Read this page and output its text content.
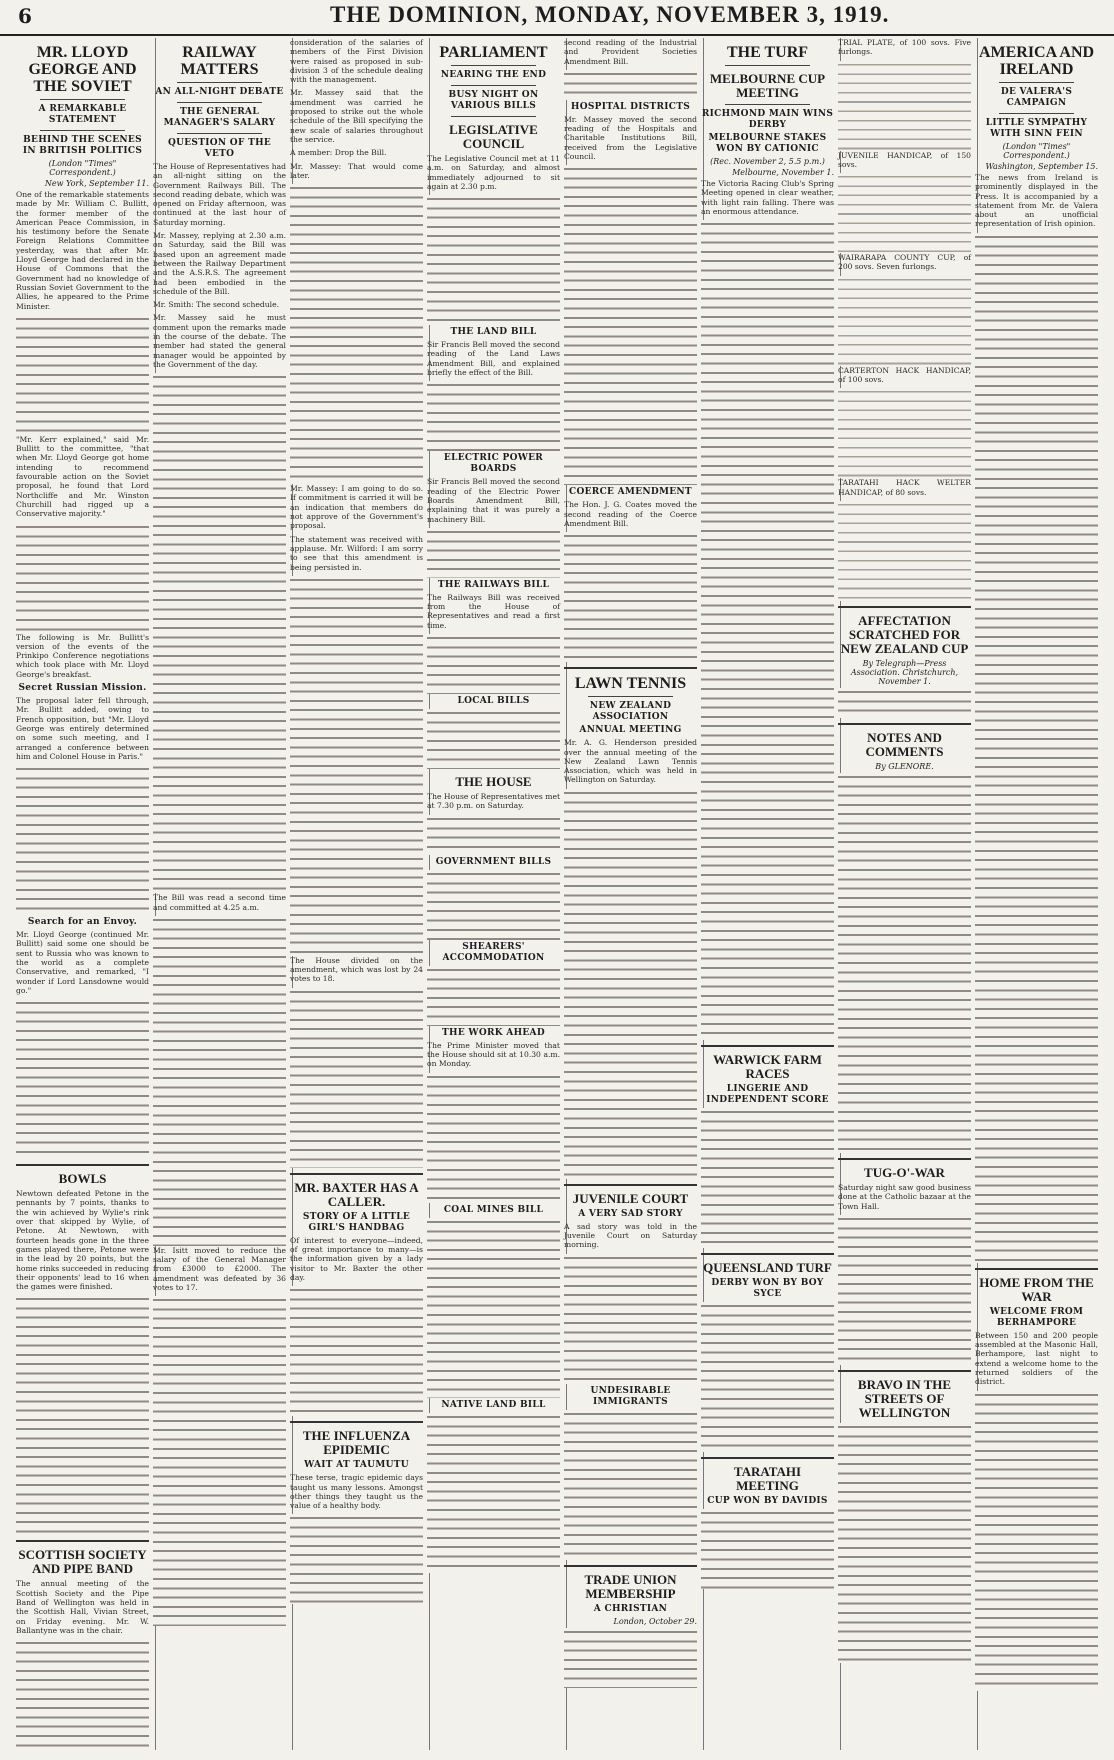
6	THE DOMINION, MONDAY, NOVEMBER 3, 1919.
MR. LLOYD GEORGE AND THE SOVIET
A REMARKABLE STATEMENT
BEHIND THE SCENES IN BRITISH POLITICS
(London "Times" Correspondent.)
New York, September 11.

One of the remarkable statements made by Mr. William C. Bullitt, the former member of the American Peace Commission, in his testimony before the Senate Foreign Relations Committee yesterday, was that after Mr. Lloyd George had declared in the House of Commons that the Government had no knowledge of Russian Soviet Government to the Allies, he appeared to the Prime Minister.

"Mr. Kerr explained," said Mr. Bullitt to the committee, "that when Mr. Lloyd George got home intending to recommend favourable action on the Soviet proposal, he found that Lord Northcliffe and Mr. Winston Churchill had rigged up a Conservative majority."

The following is Mr. Bullitt's version of the events of the Prinkipo Conference negotiations which took place with Mr. Lloyd George's breakfast.

Secret Russian Mission.

The proposal later fell through, Mr. Bullitt added, owing to French opposition, but "Mr. Lloyd George was entirely determined on some such meeting, and I arranged a conference between him and Colonel House in Paris."

Search for an Envoy.

Mr. Lloyd George (continued Mr. Bullitt) said some one should be sent to Russia who was known to the world as a complete Conservative, and remarked, "I wonder if Lord Lansdowne would go."

BOWLS

Newtown defeated Petone in the pennants by 7 points, thanks to the win achieved by Wylie's rink over that skipped by Wylie, of Petone. At Newtown, with fourteen heads gone in the three games played there, Petone were in the lead by 20 points, but the home rinks succeeded in reducing their opponents' lead to 16 when the games were finished.

SCOTTISH SOCIETY AND PIPE BAND

The annual meeting of the Scottish Society and the Pipe Band of Wellington was held in the Scottish Hall, Vivian Street, on Friday evening. Mr. W. Ballantyne was in the chair.

RAILWAY MATTERS
AN ALL-NIGHT DEBATE
THE GENERAL MANAGER'S SALARY
QUESTION OF THE VETO

The House of Representatives had an all-night sitting on the Government Railways Bill. The second reading debate, which was opened on Friday afternoon, was continued at the last hour of Saturday morning.

Mr. Massey, replying at 2.30 a.m. on Saturday, said the Bill was based upon an agreement made between the Railway Department and the A.S.R.S. The agreement had been embodied in the schedule of the Bill.

Mr. Smith: The second schedule.

Mr. Massey said he must comment upon the remarks made in the course of the debate. The member had stated the general manager would be appointed by the Government of the day.

The Bill was read a second time and committed at 4.25 a.m.

Mr. Isitt moved to reduce the salary of the General Manager from £3000 to £2000. The amendment was defeated by 36 votes to 17.

consideration of the salaries of members of the First Division were raised as proposed in sub-division 3 of the schedule dealing with the management.

Mr. Massey said that the amendment was carried he proposed to strike out the whole schedule of the Bill specifying the new scale of salaries throughout the service.

A member: Drop the Bill.

Mr. Massey: That would come later.

Mr. Massey: I am going to do so. If commitment is carried it will be an indication that members do not approve of the Government's proposal.

The statement was received with applause. Mr. Wilford: I am sorry to see that this amendment is being persisted in.

The House divided on the amendment, which was lost by 24 votes to 18.

MR. BAXTER HAS A CALLER.
STORY OF A LITTLE GIRL'S HANDBAG

Of interest to everyone—indeed, of great importance to many—is the information given by a lady visitor to Mr. Baxter the other day.

THE INFLUENZA EPIDEMIC
WAIT AT TAUMUTU

These terse, tragic epidemic days taught us many lessons. Amongst other things they taught us the value of a healthy body.

PARLIAMENT
NEARING THE END
BUSY NIGHT ON VARIOUS BILLS
LEGISLATIVE COUNCIL

The Legislative Council met at 11 a.m. on Saturday, and almost immediately adjourned to sit again at 2.30 p.m.

THE LAND BILL

Sir Francis Bell moved the second reading of the Land Laws Amendment Bill, and explained briefly the effect of the Bill.

ELECTRIC POWER BOARDS

Sir Francis Bell moved the second reading of the Electric Power Boards Amendment Bill, explaining that it was purely a machinery Bill.

THE RAILWAYS BILL

The Railways Bill was received from the House of Representatives and read a first time.

LOCAL BILLS
THE HOUSE

The House of Representatives met at 7.30 p.m. on Saturday.

GOVERNMENT BILLS
SHEARERS' ACCOMMODATION
THE WORK AHEAD

The Prime Minister moved that the House should sit at 10.30 a.m. on Monday.

COAL MINES BILL
NATIVE LAND BILL

second reading of the Industrial and Provident Societies Amendment Bill.

HOSPITAL DISTRICTS

Mr. Massey moved the second reading of the Hospitals and Charitable Institutions Bill, received from the Legislative Council.

COERCE AMENDMENT

The Hon. J. G. Coates moved the second reading of the Coerce Amendment Bill.

LAWN TENNIS
NEW ZEALAND ASSOCIATION
ANNUAL MEETING

Mr. A. G. Henderson presided over the annual meeting of the New Zealand Lawn Tennis Association, which was held in Wellington on Saturday.

JUVENILE COURT
A VERY SAD STORY

A sad story was told in the Juvenile Court on Saturday morning.

UNDESIRABLE IMMIGRANTS
TRADE UNION MEMBERSHIP
A CHRISTIAN
London, October 29.
THE TURF
MELBOURNE CUP MEETING
RICHMOND MAIN WINS DERBY
MELBOURNE STAKES WON BY CATIONIC
(Rec. November 2, 5.5 p.m.)
Melbourne, November 1.

The Victoria Racing Club's Spring Meeting opened in clear weather, with light rain falling. There was an enormous attendance.

WARWICK FARM RACES
LINGERIE AND INDEPENDENT SCORE
QUEENSLAND TURF
DERBY WON BY BOY SYCE
TARATAHI MEETING
CUP WON BY DAVIDIS

TRIAL PLATE, of 100 sovs. Five furlongs.

JUVENILE HANDICAP, of 150 sovs.

WAIRARAPA COUNTY CUP, of 200 sovs. Seven furlongs.

CARTERTON HACK HANDICAP, of 100 sovs.

TARATAHI HACK WELTER HANDICAP, of 80 sovs.

AFFECTATION SCRATCHED FOR NEW ZEALAND CUP
By Telegraph—Press Association. Christchurch, November 1.
NOTES AND COMMENTS
By GLENORE.
TUG-O'-WAR

Saturday night saw good business done at the Catholic bazaar at the Town Hall.

BRAVO IN THE STREETS OF WELLINGTON
AMERICA AND IRELAND
DE VALERA'S CAMPAIGN
LITTLE SYMPATHY WITH SINN FEIN
(London "Times" Correspondent.)
Washington, September 15.

The news from Ireland is prominently displayed in the Press. It is accompanied by a statement from Mr. de Valera about an unofficial representation of Irish opinion.

HOME FROM THE WAR
WELCOME FROM BERHAMPORE

Between 150 and 200 people assembled at the Masonic Hall, Berhampore, last night to extend a welcome home to the returned soldiers of the district.
